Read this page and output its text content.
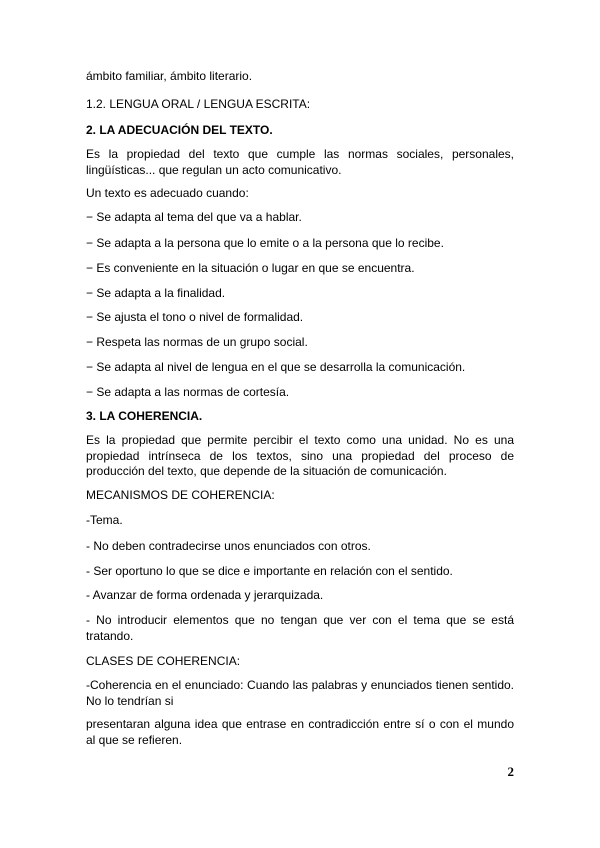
ámbito familiar, ámbito literario.

1.2. LENGUA ORAL / LENGUA ESCRITA:

2. LA ADECUACIÓN DEL TEXTO.

Es la propiedad del texto que cumple las normas sociales, personales, lingüísticas... que regulan un acto comunicativo.

Un texto es adecuado cuando:

− Se adapta al tema del que va a hablar.

− Se adapta a la persona que lo emite o a la persona que lo recibe.

− Es conveniente en la situación o lugar en que se encuentra.

− Se adapta a la finalidad.

− Se ajusta el tono o nivel de formalidad.

− Respeta las normas de un grupo social.

− Se adapta al nivel de lengua en el que se desarrolla la comunicación.

− Se adapta a las normas de cortesía.

3. LA COHERENCIA.

Es la propiedad que permite percibir el texto como una unidad. No es una propiedad intrínseca de los textos, sino una propiedad del proceso de producción del texto, que depende de la situación de comunicación.

MECANISMOS DE COHERENCIA:

-Tema.

- No deben contradecirse unos enunciados con otros.

- Ser oportuno lo que se dice e importante en relación con el sentido.

- Avanzar de forma ordenada y jerarquizada.

- No introducir elementos que no tengan que ver con el tema que se está tratando.

CLASES DE COHERENCIA:

-Coherencia en el enunciado: Cuando las palabras y enunciados tienen sentido. No lo tendrían si

presentaran alguna idea que entrase en contradicción entre sí o con el mundo al que se refieren.

2
